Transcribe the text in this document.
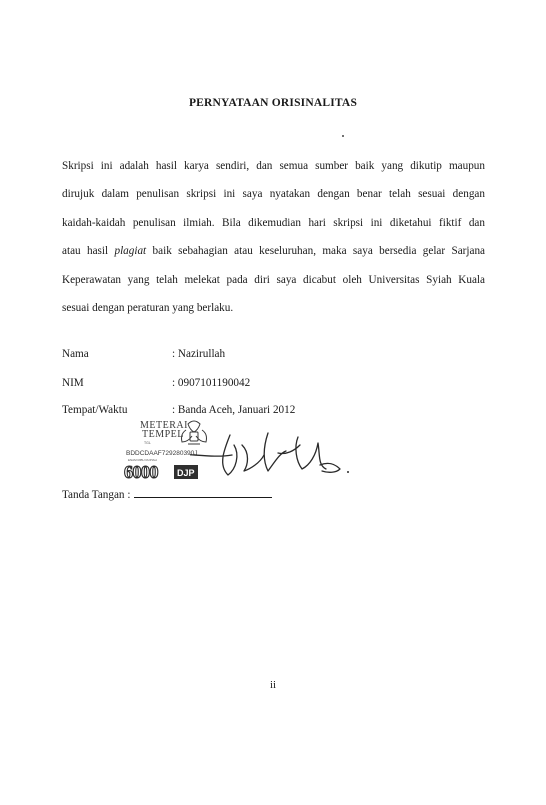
PERNYATAAN ORISINALITAS
Skripsi ini adalah hasil karya sendiri, dan semua sumber baik yang dikutip maupun
dirujuk dalam penulisan skripsi ini saya nyatakan dengan benar telah sesuai dengan
kaidah-kaidah penulisan ilmiah. Bila dikemudian hari skripsi ini diketahui fiktif dan
atau hasil plagiat baik sebahagian atau keseluruhan, maka saya bersedia gelar Sarjana
Keperawatan yang telah melekat pada diri saya dicabut oleh Universitas Syiah Kuala
sesuai dengan peraturan yang berlaku.
Nama	: Nazirullah
NIM	: 0907101190042
Tempat/Waktu	: Banda Aceh, Januari 2012
METERAI
TEMPEL
TGL
BDDCDAAF729280390J
ENAM RIBU RUPIAH
6000 DJP
Tanda Tangan :
ii
